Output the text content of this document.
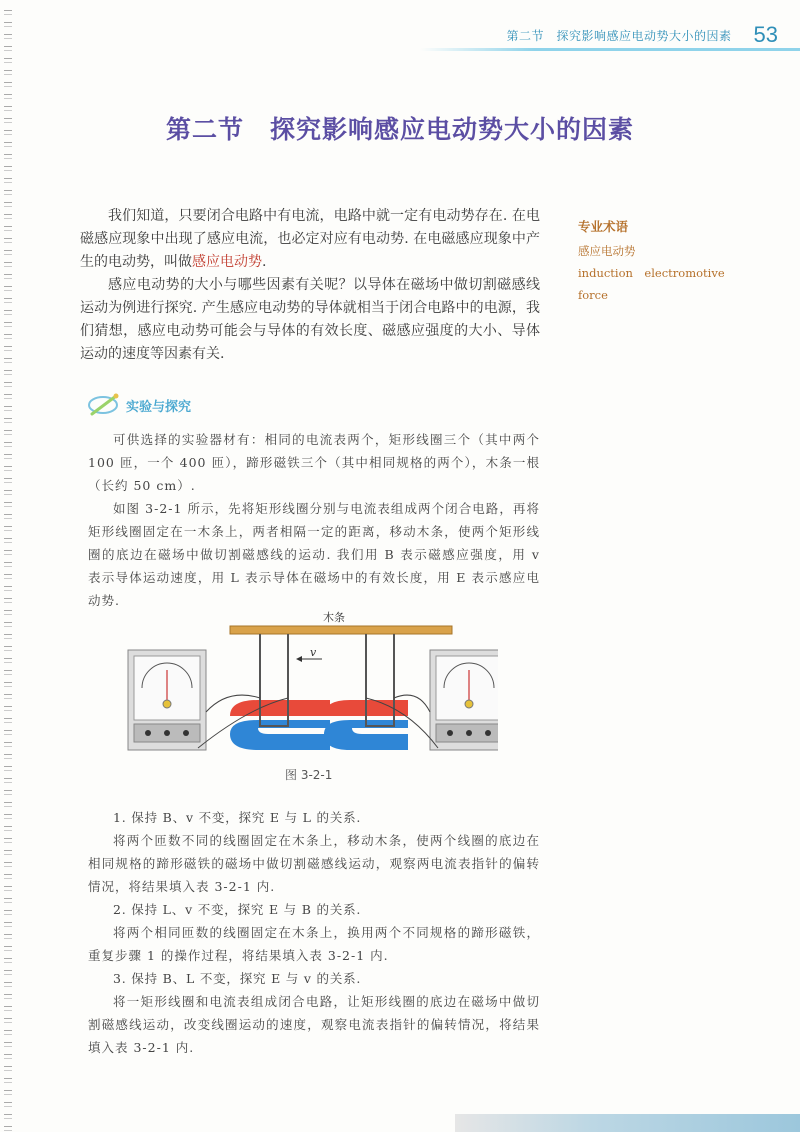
第二节　探究影响感应电动势大小的因素 53
第二节 探究影响感应电动势大小的因素

我们知道，只要闭合电路中有电流，电路中就一定有电动势存在. 在电磁感应现象中出现了感应电流，也必定对应有电动势. 在电磁感应现象中产生的电动势，叫做感应电动势.

感应电动势的大小与哪些因素有关呢？以导体在磁场中做切割磁感线运动为例进行探究. 产生感应电动势的导体就相当于闭合电路中的电源，我们猜想，感应电动势可能会与导体的有效长度、磁感应强度的大小、导体运动的速度等因素有关.

专业术语
感应电动势
induction　electromotive
force
实验与探究

可供选择的实验器材有：相同的电流表两个，矩形线圈三个（其中两个 100 匝，一个 400 匝），蹄形磁铁三个（其中相同规格的两个），木条一根（长约 50 cm）.

如图 3-2-1 所示，先将矩形线圈分别与电流表组成两个闭合电路，再将矩形线圈固定在一木条上，两者相隔一定的距离，移动木条，使两个矩形线圈的底边在磁场中做切割磁感线的运动. 我们用 B 表示磁感应强度，用 v 表示导体运动速度，用 L 表示导体在磁场中的有效长度，用 E 表示感应电动势.

木条
v
图 3-2-1

1. 保持 B、v 不变，探究 E 与 L 的关系.

将两个匝数不同的线圈固定在木条上，移动木条，使两个线圈的底边在相同规格的蹄形磁铁的磁场中做切割磁感线运动，观察两电流表指针的偏转情况，将结果填入表 3-2-1 内.

2. 保持 L、v 不变，探究 E 与 B 的关系.

将两个相同匝数的线圈固定在木条上，换用两个不同规格的蹄形磁铁，重复步骤 1 的操作过程，将结果填入表 3-2-1 内.

3. 保持 B、L 不变，探究 E 与 v 的关系.

将一矩形线圈和电流表组成闭合电路，让矩形线圈的底边在磁场中做切割磁感线运动，改变线圈运动的速度，观察电流表指针的偏转情况，将结果填入表 3-2-1 内.
